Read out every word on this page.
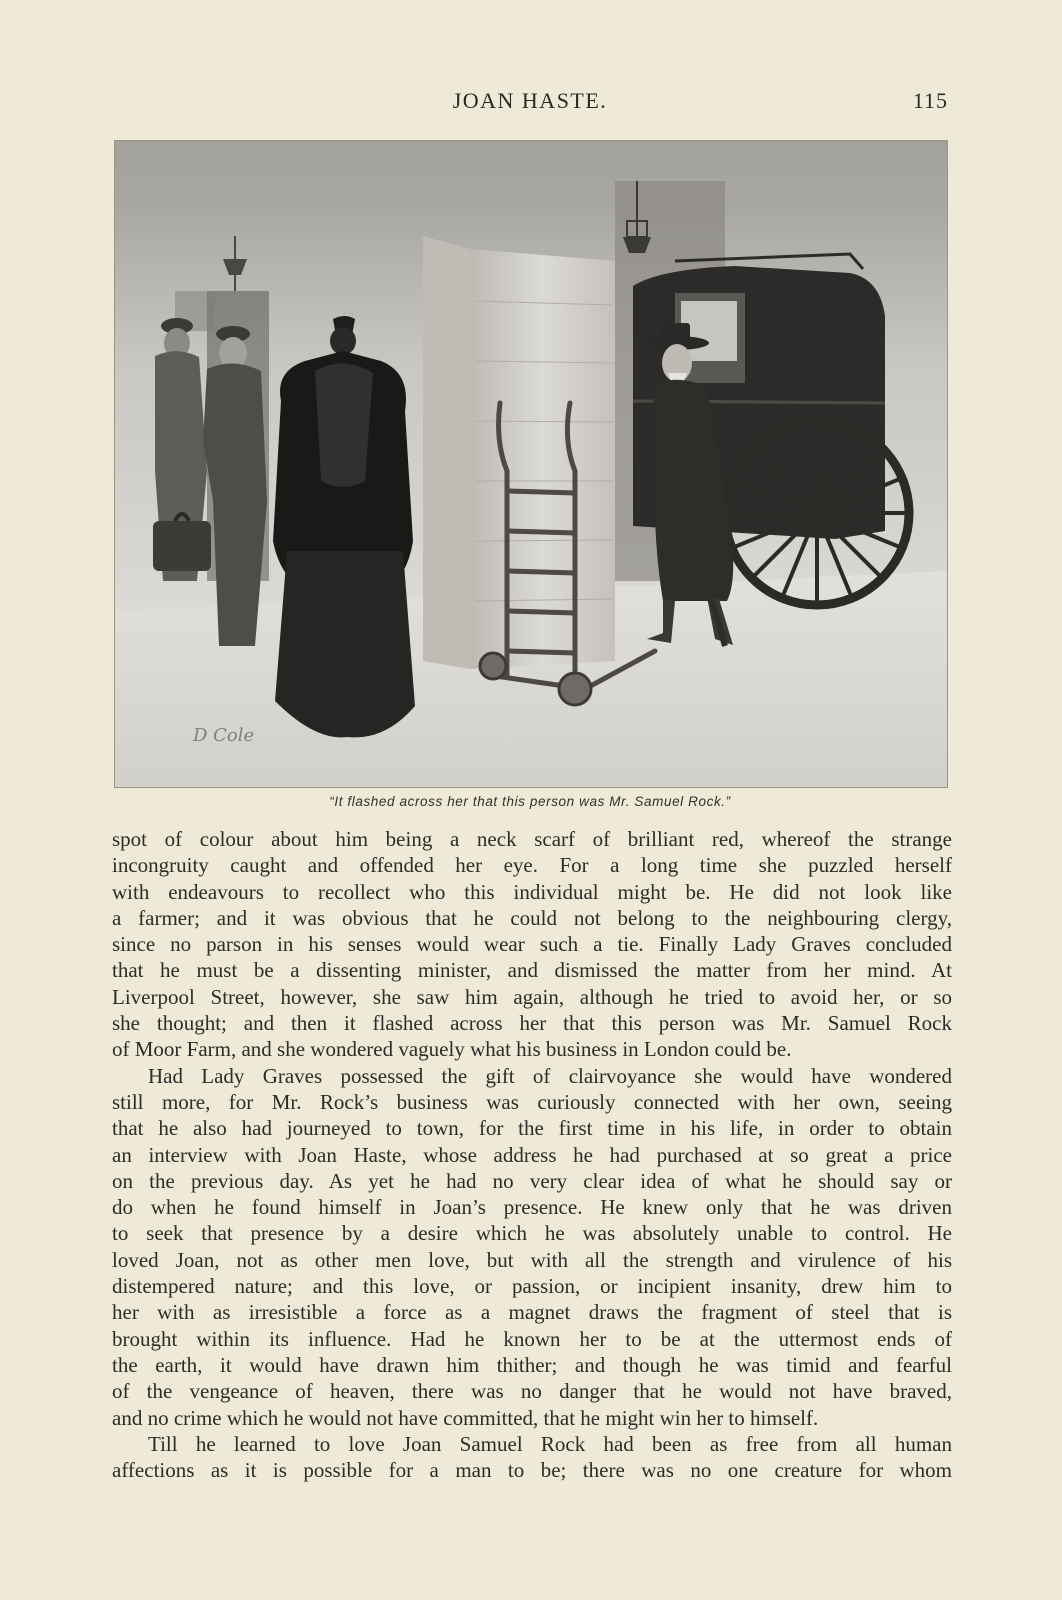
JOAN HASTE.	115
D Cole
“It flashed across her that this person was Mr. Samuel Rock.”
spot of colour about him being a neck scarf of brilliant red, whereof the strange
incongruity caught and offended her eye. For a long time she puzzled herself
with endeavours to recollect who this individual might be. He did not look like
a farmer; and it was obvious that he could not belong to the neighbouring clergy,
since no parson in his senses would wear such a tie. Finally Lady Graves concluded
that he must be a dissenting minister, and dismissed the matter from her mind. At
Liverpool Street, however, she saw him again, although he tried to avoid her, or so
she thought; and then it flashed across her that this person was Mr. Samuel Rock
of Moor Farm, and she wondered vaguely what his business in London could be.
Had Lady Graves possessed the gift of clairvoyance she would have wondered
still more, for Mr. Rock’s business was curiously connected with her own, seeing
that he also had journeyed to town, for the first time in his life, in order to obtain
an interview with Joan Haste, whose address he had purchased at so great a price
on the previous day. As yet he had no very clear idea of what he should say or
do when he found himself in Joan’s presence. He knew only that he was driven
to seek that presence by a desire which he was absolutely unable to control. He
loved Joan, not as other men love, but with all the strength and virulence of his
distempered nature; and this love, or passion, or incipient insanity, drew him to
her with as irresistible a force as a magnet draws the fragment of steel that is
brought within its influence. Had he known her to be at the uttermost ends of
the earth, it would have drawn him thither; and though he was timid and fearful
of the vengeance of heaven, there was no danger that he would not have braved,
and no crime which he would not have committed, that he might win her to himself.
Till he learned to love Joan Samuel Rock had been as free from all human
affections as it is possible for a man to be; there was no one creature for whom
